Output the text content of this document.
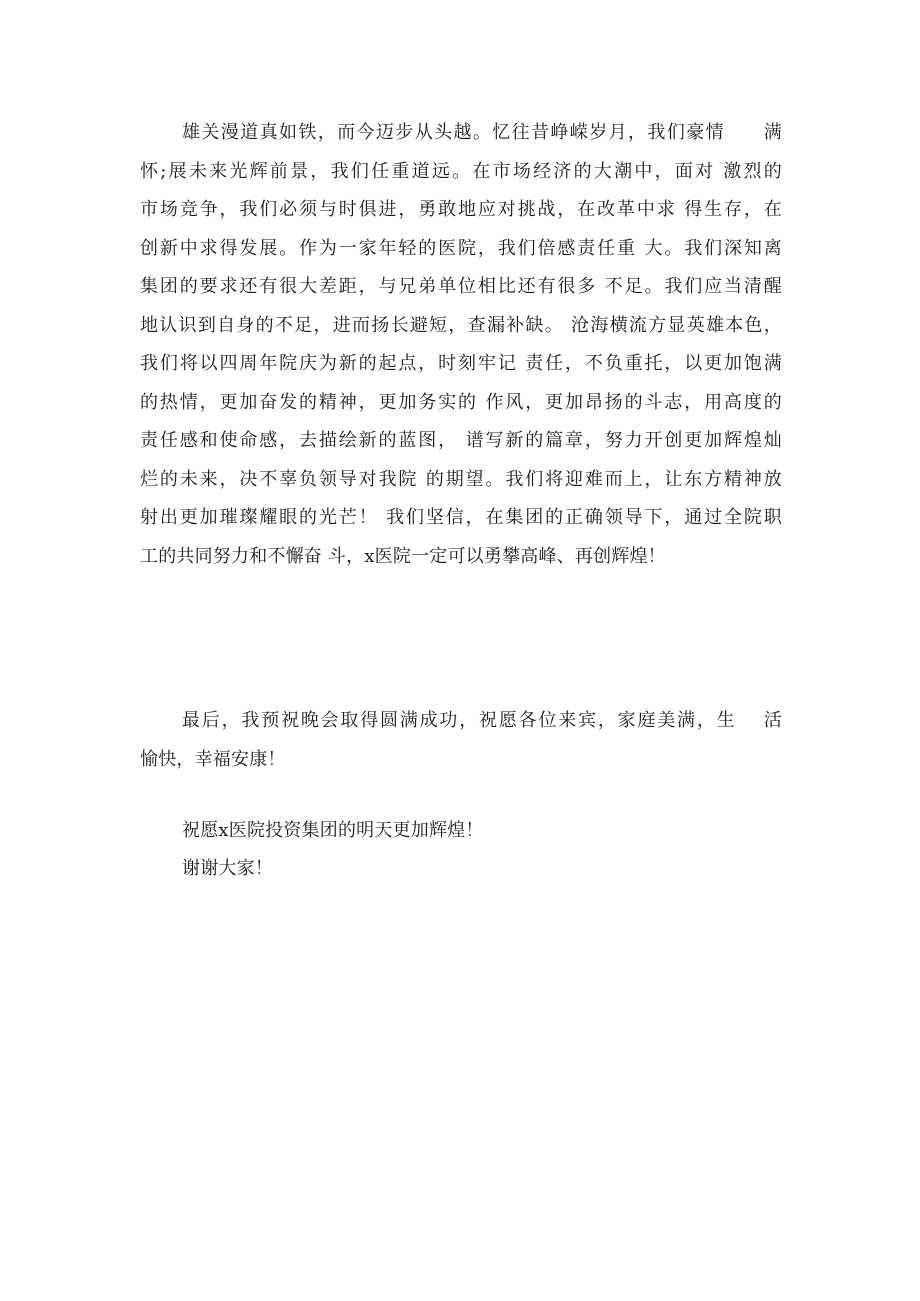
雄关漫道真如铁，而今迈步从头越。忆往昔峥嵘岁月，我们豪情　　满
怀;展未来光辉前景，我们任重道远。在市场经济的大潮中，面对 激烈的
市场竞争，我们必须与时俱进，勇敢地应对挑战，在改革中求 得生存，在
创新中求得发展。作为一家年轻的医院，我们倍感责任重 大。我们深知离
集团的要求还有很大差距，与兄弟单位相比还有很多 不足。我们应当清醒
地认识到自身的不足，进而扬长避短，查漏补缺。 沧海横流方显英雄本色，
我们将以四周年院庆为新的起点，时刻牢记 责任，不负重托，以更加饱满
的热情，更加奋发的精神，更加务实的 作风，更加昂扬的斗志，用高度的
责任感和使命感，去描绘新的蓝图， 谱写新的篇章，努力开创更加辉煌灿
烂的未来，决不辜负领导对我院 的期望。我们将迎难而上，让东方精神放
射出更加璀璨耀眼的光芒！ 我们坚信，在集团的正确领导下，通过全院职
工的共同努力和不懈奋 斗，x医院一定可以勇攀高峰、再创辉煌！
最后，我预祝晚会取得圆满成功，祝愿各位来宾，家庭美满，生　 活
愉快，幸福安康！
祝愿x医院投资集团的明天更加辉煌！
谢谢大家！
